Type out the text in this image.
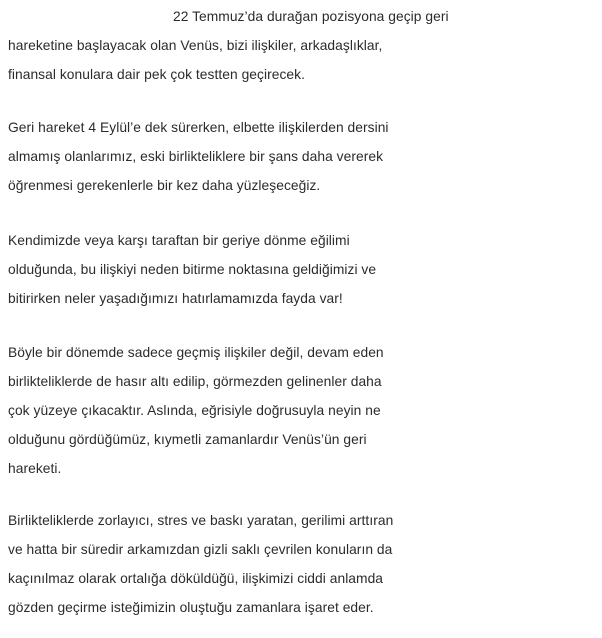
22 Temmuz’da durağan pozisyona geçip geri
hareketine başlayacak olan Venüs, bizi ilişkiler, arkadaşlıklar,
finansal konulara dair pek çok testten geçirecek.
Geri hareket 4 Eylül’e dek sürerken, elbette ilişkilerden dersini
almamış olanlarımız, eski birlikteliklere bir şans daha vererek
öğrenmesi gerekenlerle bir kez daha yüzleşeceğiz.
Kendimizde veya karşı taraftan bir geriye dönme eğilimi
olduğunda, bu ilişkiyi neden bitirme noktasına geldiğimizi ve
bitirirken neler yaşadığımızı hatırlamamızda fayda var!
Böyle bir dönemde sadece geçmiş ilişkiler değil, devam eden
birlikteliklerde de hasır altı edilip, görmezden gelinenler daha
çok yüzeye çıkacaktır. Aslında, eğrisiyle doğrusuyla neyin ne
olduğunu gördüğümüz, kıymetli zamanlardır Venüs’ün geri
hareketi.
Birlikteliklerde zorlayıcı, stres ve baskı yaratan, gerilimi arttıran
ve hatta bir süredir arkamızdan gizli saklı çevrilen konuların da
kaçınılmaz olarak ortalığa döküldüğü, ilişkimizi ciddi anlamda
gözden geçirme isteğimizin oluştuğu zamanlara işaret eder.
